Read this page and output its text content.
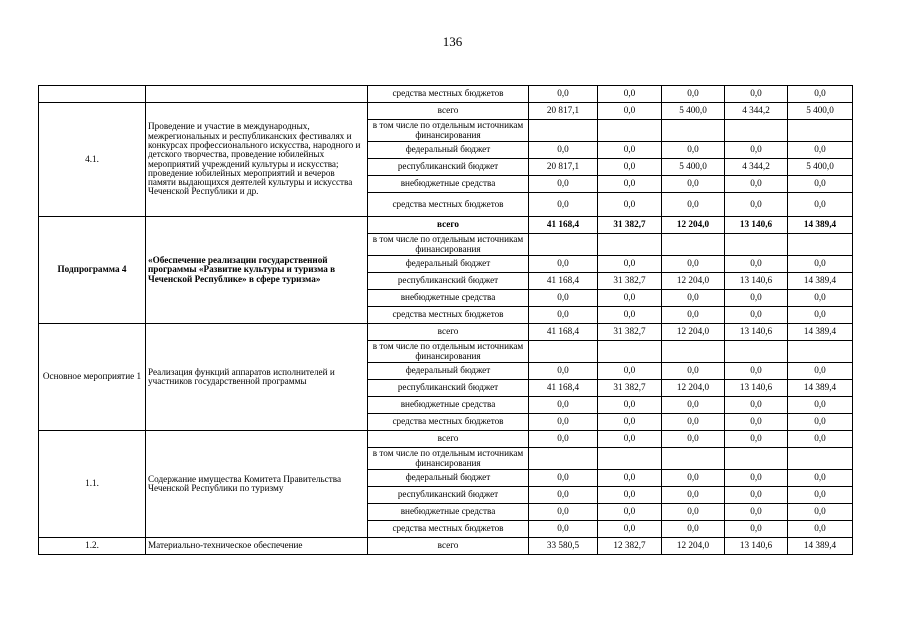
136
		средства местных бюджетов	0,0	0,0	0,0	0,0	0,0
4.1.	Проведение и участие в международных, межрегиональных и республиканских фестивалях и конкурсах профессионального искусства, народного и детского творчества, проведение юбилейных мероприятий учреждений культуры и искусства; проведение юбилейных мероприятий и вечеров памяти выдающихся деятелей культуры и искусства Чеченской Республики и др.	всего	20 817,1	0,0	5 400,0	4 344,2	5 400,0
		в том числе по отдельным источникам финансирования					
		федеральный бюджет	0,0	0,0	0,0	0,0	0,0
		республиканский бюджет	20 817,1	0,0	5 400,0	4 344,2	5 400,0
		внебюджетные средства	0,0	0,0	0,0	0,0	0,0
		средства местных бюджетов	0,0	0,0	0,0	0,0	0,0
Подпрограмма 4	«Обеспечение реализации государственной программы «Развитие культуры и туризма в Чеченской Республике» в сфере туризма»	всего	41 168,4	31 382,7	12 204,0	13 140,6	14 389,4
		в том числе по отдельным источникам финансирования					
		федеральный бюджет	0,0	0,0	0,0	0,0	0,0
		республиканский бюджет	41 168,4	31 382,7	12 204,0	13 140,6	14 389,4
		внебюджетные средства	0,0	0,0	0,0	0,0	0,0
		средства местных бюджетов	0,0	0,0	0,0	0,0	0,0
Основное мероприятие 1	Реализация функций аппаратов исполнителей и участников государственной программы	всего	41 168,4	31 382,7	12 204,0	13 140,6	14 389,4
		в том числе по отдельным источникам финансирования					
		федеральный бюджет	0,0	0,0	0,0	0,0	0,0
		республиканский бюджет	41 168,4	31 382,7	12 204,0	13 140,6	14 389,4
		внебюджетные средства	0,0	0,0	0,0	0,0	0,0
		средства местных бюджетов	0,0	0,0	0,0	0,0	0,0
1.1.	Содержание имущества Комитета Правительства Чеченской Республики по туризму	всего	0,0	0,0	0,0	0,0	0,0
		в том числе по отдельным источникам финансирования					
		федеральный бюджет	0,0	0,0	0,0	0,0	0,0
		республиканский бюджет	0,0	0,0	0,0	0,0	0,0
		внебюджетные средства	0,0	0,0	0,0	0,0	0,0
		средства местных бюджетов	0,0	0,0	0,0	0,0	0,0
1.2.	Материально-техническое обеспечение	всего	33 580,5	12 382,7	12 204,0	13 140,6	14 389,4
